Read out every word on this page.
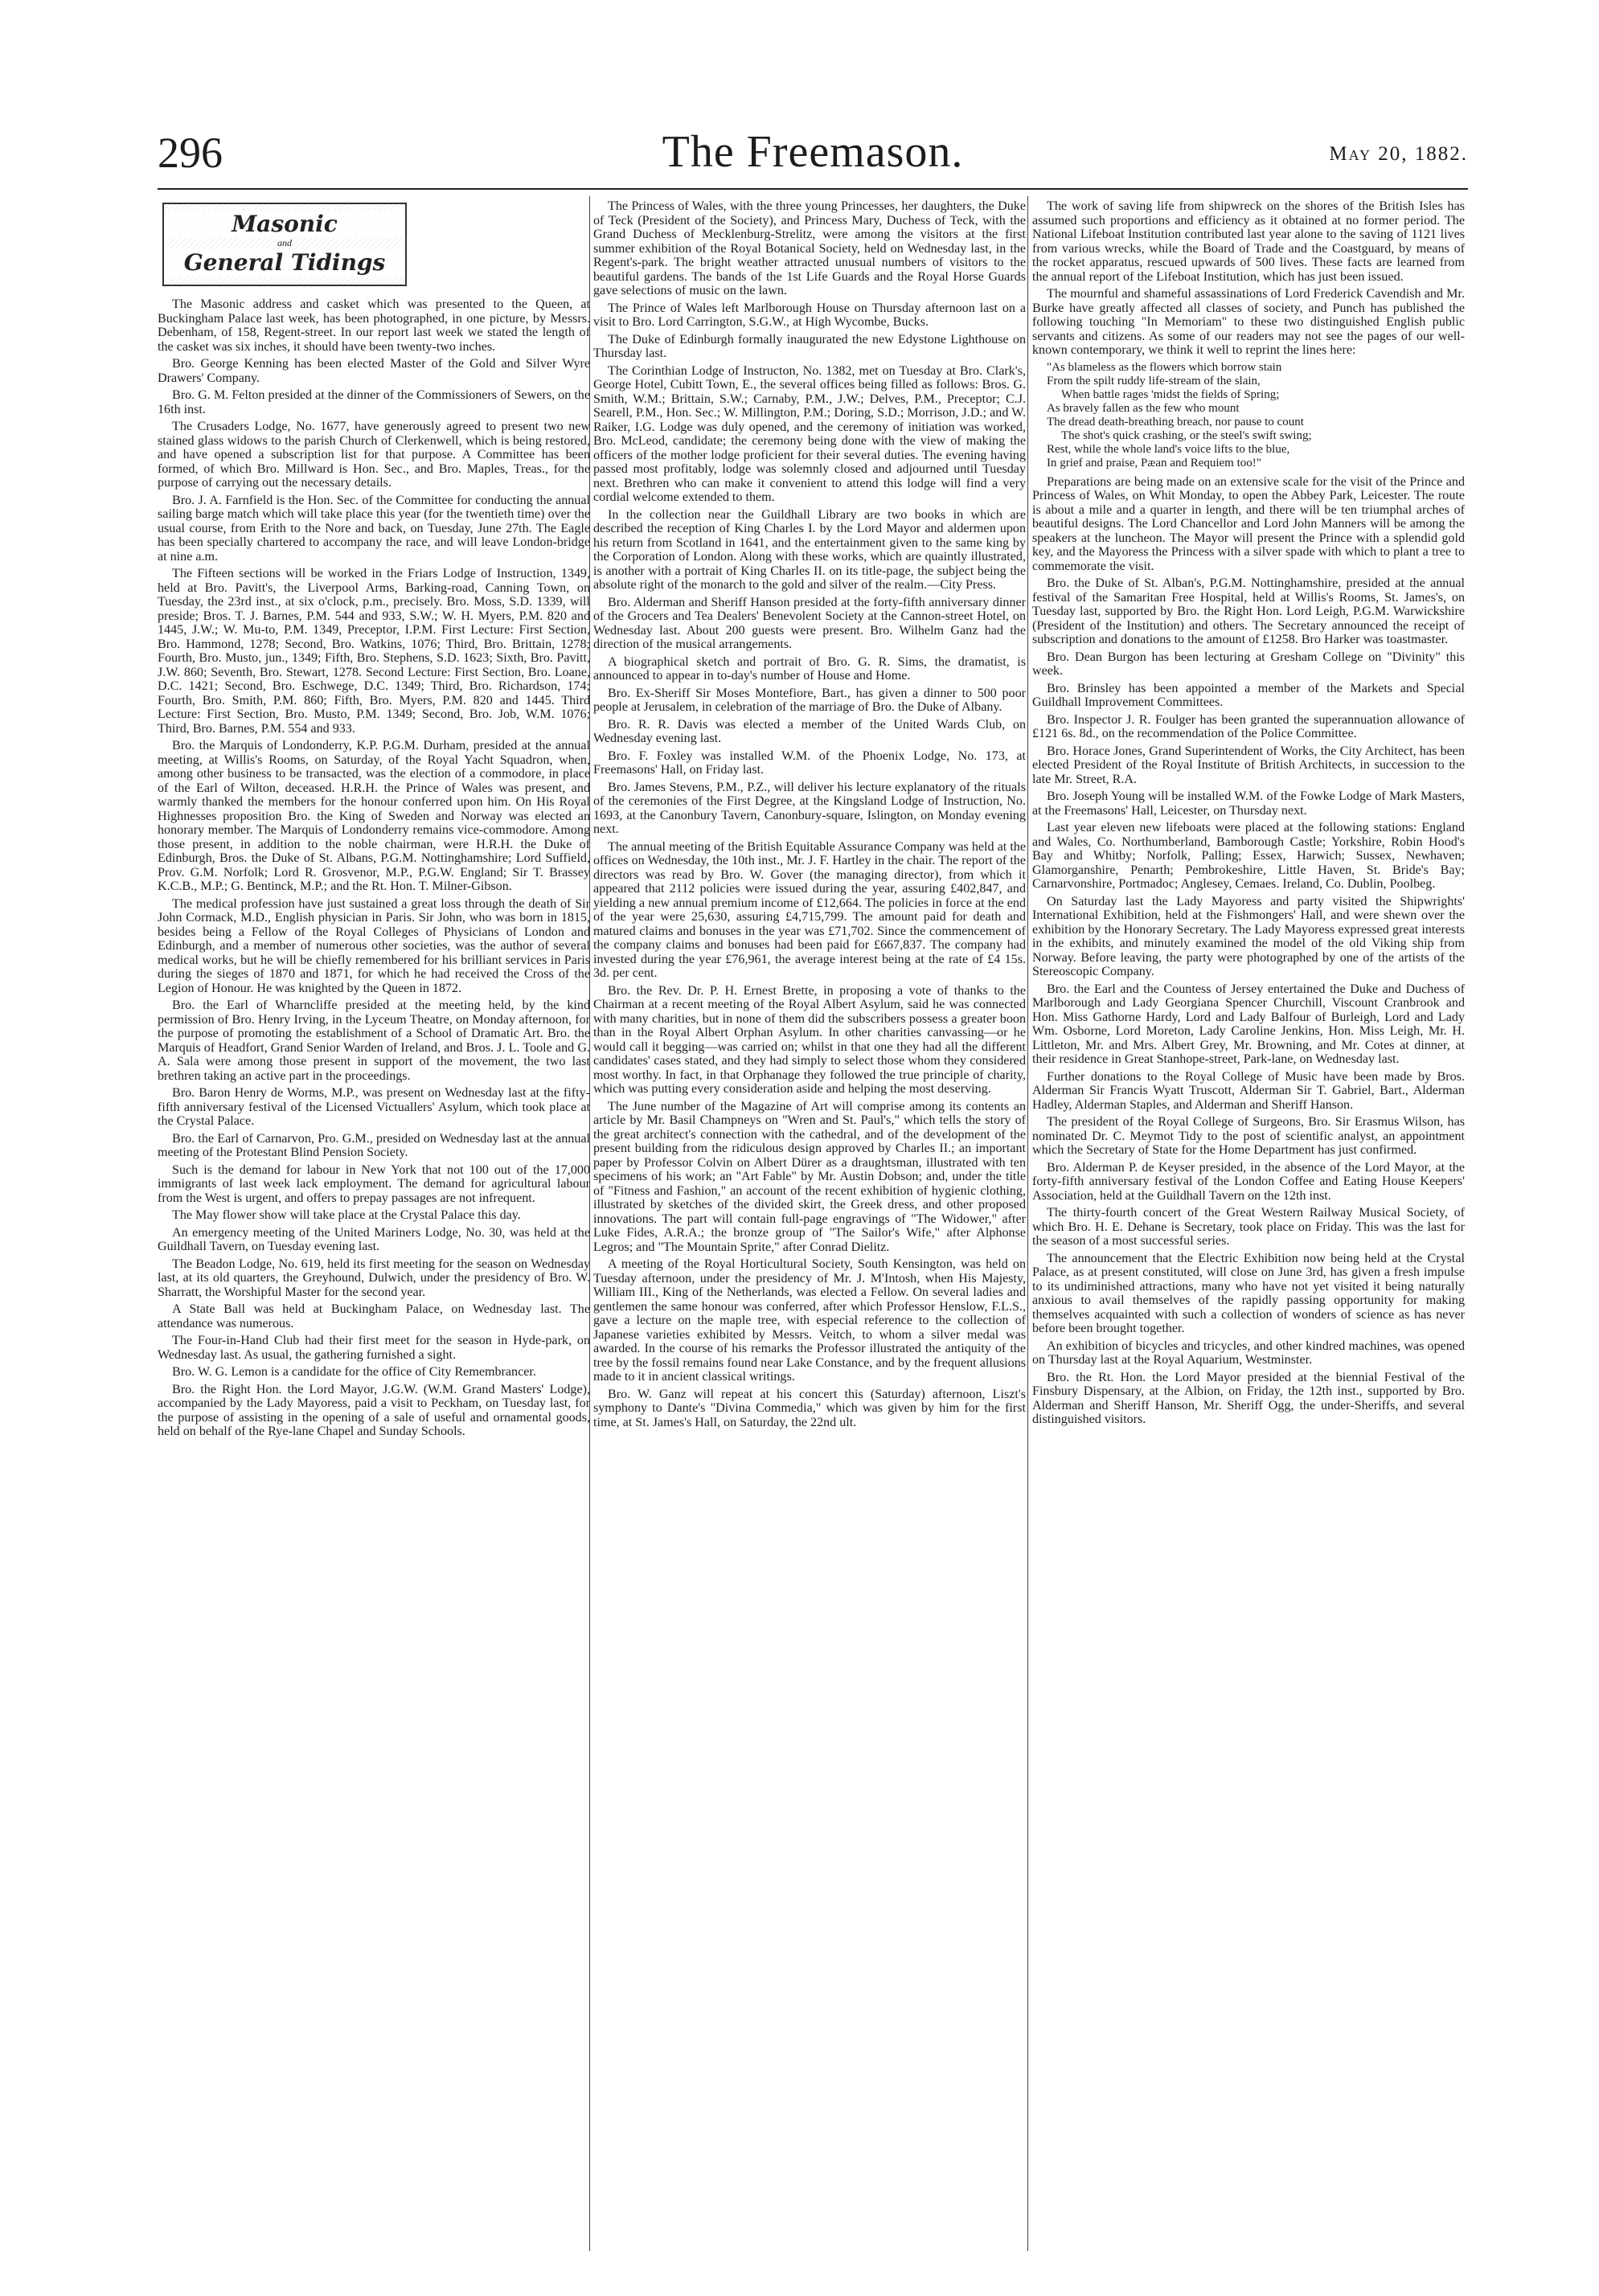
296	The Freemason.	May 20, 1882.
Masonic
and
General Tidings

The Masonic address and casket which was presented to the Queen, at Buckingham Palace last week, has been photographed, in one picture, by Messrs. Debenham, of 158, Regent-street. In our report last week we stated the length of the casket was six inches, it should have been twenty-two inches.

Bro. George Kenning has been elected Master of the Gold and Silver Wyre Drawers' Company.

Bro. G. M. Felton presided at the dinner of the Commissioners of Sewers, on the 16th inst.

The Crusaders Lodge, No. 1677, have generously agreed to present two new stained glass widows to the parish Church of Clerkenwell, which is being restored, and have opened a subscription list for that purpose. A Committee has been formed, of which Bro. Millward is Hon. Sec., and Bro. Maples, Treas., for the purpose of carrying out the necessary details.

Bro. J. A. Farnfield is the Hon. Sec. of the Committee for conducting the annual sailing barge match which will take place this year (for the twentieth time) over the usual course, from Erith to the Nore and back, on Tuesday, June 27th. The Eagle has been specially chartered to accompany the race, and will leave London-bridge at nine a.m.

The Fifteen sections will be worked in the Friars Lodge of Instruction, 1349, held at Bro. Pavitt's, the Liverpool Arms, Barking-road, Canning Town, on Tuesday, the 23rd inst., at six o'clock, p.m., precisely. Bro. Moss, S.D. 1339, will preside; Bros. T. J. Barnes, P.M. 544 and 933, S.W.; W. H. Myers, P.M. 820 and 1445, J.W.; W. Mu-to, P.M. 1349, Preceptor, I.P.M. First Lecture: First Section, Bro. Hammond, 1278; Second, Bro. Watkins, 1076; Third, Bro. Brittain, 1278; Fourth, Bro. Musto, jun., 1349; Fifth, Bro. Stephens, S.D. 1623; Sixth, Bro. Pavitt, J.W. 860; Seventh, Bro. Stewart, 1278. Second Lecture: First Section, Bro. Loane, D.C. 1421; Second, Bro. Eschwege, D.C. 1349; Third, Bro. Richardson, 174; Fourth, Bro. Smith, P.M. 860; Fifth, Bro. Myers, P.M. 820 and 1445. Third Lecture: First Section, Bro. Musto, P.M. 1349; Second, Bro. Job, W.M. 1076; Third, Bro. Barnes, P.M. 554 and 933.

Bro. the Marquis of Londonderry, K.P. P.G.M. Durham, presided at the annual meeting, at Willis's Rooms, on Saturday, of the Royal Yacht Squadron, when, among other business to be transacted, was the election of a commodore, in place of the Earl of Wilton, deceased. H.R.H. the Prince of Wales was present, and warmly thanked the members for the honour conferred upon him. On His Royal Highnesses proposition Bro. the King of Sweden and Norway was elected an honorary member. The Marquis of Londonderry remains vice-commodore. Among those present, in addition to the noble chairman, were H.R.H. the Duke of Edinburgh, Bros. the Duke of St. Albans, P.G.M. Nottinghamshire; Lord Suffield, Prov. G.M. Norfolk; Lord R. Grosvenor, M.P., P.G.W. England; Sir T. Brassey K.C.B., M.P.; G. Bentinck, M.P.; and the Rt. Hon. T. Milner-Gibson.

The medical profession have just sustained a great loss through the death of Sir John Cormack, M.D., English physician in Paris. Sir John, who was born in 1815, besides being a Fellow of the Royal Colleges of Physicians of London and Edinburgh, and a member of numerous other societies, was the author of several medical works, but he will be chiefly remembered for his brilliant services in Paris during the sieges of 1870 and 1871, for which he had received the Cross of the Legion of Honour. He was knighted by the Queen in 1872.

Bro. the Earl of Wharncliffe presided at the meeting held, by the kind permission of Bro. Henry Irving, in the Lyceum Theatre, on Monday afternoon, for the purpose of promoting the establishment of a School of Dramatic Art. Bro. the Marquis of Headfort, Grand Senior Warden of Ireland, and Bros. J. L. Toole and G. A. Sala were among those present in support of the movement, the two last brethren taking an active part in the proceedings.

Bro. Baron Henry de Worms, M.P., was present on Wednesday last at the fifty-fifth anniversary festival of the Licensed Victuallers' Asylum, which took place at the Crystal Palace.

Bro. the Earl of Carnarvon, Pro. G.M., presided on Wednesday last at the annual meeting of the Protestant Blind Pension Society.

Such is the demand for labour in New York that not 100 out of the 17,000 immigrants of last week lack employment. The demand for agricultural labour from the West is urgent, and offers to prepay passages are not infrequent.

The May flower show will take place at the Crystal Palace this day.

An emergency meeting of the United Mariners Lodge, No. 30, was held at the Guildhall Tavern, on Tuesday evening last.

The Beadon Lodge, No. 619, held its first meeting for the season on Wednesday last, at its old quarters, the Greyhound, Dulwich, under the presidency of Bro. W. Sharratt, the Worshipful Master for the second year.

A State Ball was held at Buckingham Palace, on Wednesday last. The attendance was numerous.

The Four-in-Hand Club had their first meet for the season in Hyde-park, on Wednesday last. As usual, the gathering furnished a sight.

Bro. W. G. Lemon is a candidate for the office of City Remembrancer.

Bro. the Right Hon. the Lord Mayor, J.G.W. (W.M. Grand Masters' Lodge), accompanied by the Lady Mayoress, paid a visit to Peckham, on Tuesday last, for the purpose of assisting in the opening of a sale of useful and ornamental goods, held on behalf of the Rye-lane Chapel and Sunday Schools.

The Princess of Wales, with the three young Princesses, her daughters, the Duke of Teck (President of the Society), and Princess Mary, Duchess of Teck, with the Grand Duchess of Mecklenburg-Strelitz, were among the visitors at the first summer exhibition of the Royal Botanical Society, held on Wednesday last, in the Regent's-park. The bright weather attracted unusual numbers of visitors to the beautiful gardens. The bands of the 1st Life Guards and the Royal Horse Guards gave selections of music on the lawn.

The Prince of Wales left Marlborough House on Thursday afternoon last on a visit to Bro. Lord Carrington, S.G.W., at High Wycombe, Bucks.

The Duke of Edinburgh formally inaugurated the new Edystone Lighthouse on Thursday last.

The Corinthian Lodge of Instructon, No. 1382, met on Tuesday at Bro. Clark's, George Hotel, Cubitt Town, E., the several offices being filled as follows: Bros. G. Smith, W.M.; Brittain, S.W.; Carnaby, P.M., J.W.; Delves, P.M., Preceptor; C.J. Searell, P.M., Hon. Sec.; W. Millington, P.M.; Doring, S.D.; Morrison, J.D.; and W. Raiker, I.G. Lodge was duly opened, and the ceremony of initiation was worked, Bro. McLeod, candidate; the ceremony being done with the view of making the officers of the mother lodge proficient for their several duties. The evening having passed most profitably, lodge was solemnly closed and adjourned until Tuesday next. Brethren who can make it convenient to attend this lodge will find a very cordial welcome extended to them.

In the collection near the Guildhall Library are two books in which are described the reception of King Charles I. by the Lord Mayor and aldermen upon his return from Scotland in 1641, and the entertainment given to the same king by the Corporation of London. Along with these works, which are quaintly illustrated, is another with a portrait of King Charles II. on its title-page, the subject being the absolute right of the monarch to the gold and silver of the realm.—City Press.

Bro. Alderman and Sheriff Hanson presided at the forty-fifth anniversary dinner of the Grocers and Tea Dealers' Benevolent Society at the Cannon-street Hotel, on Wednesday last. About 200 guests were present. Bro. Wilhelm Ganz had the direction of the musical arrangements.

A biographical sketch and portrait of Bro. G. R. Sims, the dramatist, is announced to appear in to-day's number of House and Home.

Bro. Ex-Sheriff Sir Moses Montefiore, Bart., has given a dinner to 500 poor people at Jerusalem, in celebration of the marriage of Bro. the Duke of Albany.

Bro. R. R. Davis was elected a member of the United Wards Club, on Wednesday evening last.

Bro. F. Foxley was installed W.M. of the Phoenix Lodge, No. 173, at Freemasons' Hall, on Friday last.

Bro. James Stevens, P.M., P.Z., will deliver his lecture explanatory of the rituals of the ceremonies of the First Degree, at the Kingsland Lodge of Instruction, No. 1693, at the Canonbury Tavern, Canonbury-square, Islington, on Monday evening next.

The annual meeting of the British Equitable Assurance Company was held at the offices on Wednesday, the 10th inst., Mr. J. F. Hartley in the chair. The report of the directors was read by Bro. W. Gover (the managing director), from which it appeared that 2112 policies were issued during the year, assuring £402,847, and yielding a new annual premium income of £12,664. The policies in force at the end of the year were 25,630, assuring £4,715,799. The amount paid for death and matured claims and bonuses in the year was £71,702. Since the commencement of the company claims and bonuses had been paid for £667,837. The company had invested during the year £76,961, the average interest being at the rate of £4 15s. 3d. per cent.

Bro. the Rev. Dr. P. H. Ernest Brette, in proposing a vote of thanks to the Chairman at a recent meeting of the Royal Albert Asylum, said he was connected with many charities, but in none of them did the subscribers possess a greater boon than in the Royal Albert Orphan Asylum. In other charities canvassing—or he would call it begging—was carried on; whilst in that one they had all the different candidates' cases stated, and they had simply to select those whom they considered most worthy. In fact, in that Orphanage they followed the true principle of charity, which was putting every consideration aside and helping the most deserving.

The June number of the Magazine of Art will comprise among its contents an article by Mr. Basil Champneys on "Wren and St. Paul's," which tells the story of the great architect's connection with the cathedral, and of the development of the present building from the ridiculous design approved by Charles II.; an important paper by Professor Colvin on Albert Dürer as a draughtsman, illustrated with ten specimens of his work; an "Art Fable" by Mr. Austin Dobson; and, under the title of "Fitness and Fashion," an account of the recent exhibition of hygienic clothing, illustrated by sketches of the divided skirt, the Greek dress, and other proposed innovations. The part will contain full-page engravings of "The Widower," after Luke Fides, A.R.A.; the bronze group of "The Sailor's Wife," after Alphonse Legros; and "The Mountain Sprite," after Conrad Dielitz.

A meeting of the Royal Horticultural Society, South Kensington, was held on Tuesday afternoon, under the presidency of Mr. J. M'Intosh, when His Majesty, William III., King of the Netherlands, was elected a Fellow. On several ladies and gentlemen the same honour was conferred, after which Professor Henslow, F.L.S., gave a lecture on the maple tree, with especial reference to the collection of Japanese varieties exhibited by Messrs. Veitch, to whom a silver medal was awarded. In the course of his remarks the Professor illustrated the antiquity of the tree by the fossil remains found near Lake Constance, and by the frequent allusions made to it in ancient classical writings.

Bro. W. Ganz will repeat at his concert this (Saturday) afternoon, Liszt's symphony to Dante's "Divina Commedia," which was given by him for the first time, at St. James's Hall, on Saturday, the 22nd ult.

The work of saving life from shipwreck on the shores of the British Isles has assumed such proportions and efficiency as it obtained at no former period. The National Lifeboat Institution contributed last year alone to the saving of 1121 lives from various wrecks, while the Board of Trade and the Coastguard, by means of the rocket apparatus, rescued upwards of 500 lives. These facts are learned from the annual report of the Lifeboat Institution, which has just been issued.

The mournful and shameful assassinations of Lord Frederick Cavendish and Mr. Burke have greatly affected all classes of society, and Punch has published the following touching "In Memoriam" to these two distinguished English public servants and citizens. As some of our readers may not see the pages of our well-known contemporary, we think it well to reprint the lines here:

"As blameless as the flowers which borrow stain
From the spilt ruddy life-stream of the slain,
When battle rages 'midst the fields of Spring;
As bravely fallen as the few who mount
The dread death-breathing breach, nor pause to count
The shot's quick crashing, or the steel's swift swing;
Rest, while the whole land's voice lifts to the blue,
In grief and praise, Pæan and Requiem too!"

Preparations are being made on an extensive scale for the visit of the Prince and Princess of Wales, on Whit Monday, to open the Abbey Park, Leicester. The route is about a mile and a quarter in length, and there will be ten triumphal arches of beautiful designs. The Lord Chancellor and Lord John Manners will be among the speakers at the luncheon. The Mayor will present the Prince with a splendid gold key, and the Mayoress the Princess with a silver spade with which to plant a tree to commemorate the visit.

Bro. the Duke of St. Alban's, P.G.M. Nottinghamshire, presided at the annual festival of the Samaritan Free Hospital, held at Willis's Rooms, St. James's, on Tuesday last, supported by Bro. the Right Hon. Lord Leigh, P.G.M. Warwickshire (President of the Institution) and others. The Secretary announced the receipt of subscription and donations to the amount of £1258. Bro Harker was toastmaster.

Bro. Dean Burgon has been lecturing at Gresham College on "Divinity" this week.

Bro. Brinsley has been appointed a member of the Markets and Special Guildhall Improvement Committees.

Bro. Inspector J. R. Foulger has been granted the superannuation allowance of £121 6s. 8d., on the recommendation of the Police Committee.

Bro. Horace Jones, Grand Superintendent of Works, the City Architect, has been elected President of the Royal Institute of British Architects, in succession to the late Mr. Street, R.A.

Bro. Joseph Young will be installed W.M. of the Fowke Lodge of Mark Masters, at the Freemasons' Hall, Leicester, on Thursday next.

Last year eleven new lifeboats were placed at the following stations: England and Wales, Co. Northumberland, Bamborough Castle; Yorkshire, Robin Hood's Bay and Whitby; Norfolk, Palling; Essex, Harwich; Sussex, Newhaven; Glamorganshire, Penarth; Pembrokeshire, Little Haven, St. Bride's Bay; Carnarvonshire, Portmadoc; Anglesey, Cemaes. Ireland, Co. Dublin, Poolbeg.

On Saturday last the Lady Mayoress and party visited the Shipwrights' International Exhibition, held at the Fishmongers' Hall, and were shewn over the exhibition by the Honorary Secretary. The Lady Mayoress expressed great interests in the exhibits, and minutely examined the model of the old Viking ship from Norway. Before leaving, the party were photographed by one of the artists of the Stereoscopic Company.

Bro. the Earl and the Countess of Jersey entertained the Duke and Duchess of Marlborough and Lady Georgiana Spencer Churchill, Viscount Cranbrook and Hon. Miss Gathorne Hardy, Lord and Lady Balfour of Burleigh, Lord and Lady Wm. Osborne, Lord Moreton, Lady Caroline Jenkins, Hon. Miss Leigh, Mr. H. Littleton, Mr. and Mrs. Albert Grey, Mr. Browning, and Mr. Cotes at dinner, at their residence in Great Stanhope-street, Park-lane, on Wednesday last.

Further donations to the Royal College of Music have been made by Bros. Alderman Sir Francis Wyatt Truscott, Alderman Sir T. Gabriel, Bart., Alderman Hadley, Alderman Staples, and Alderman and Sheriff Hanson.

The president of the Royal College of Surgeons, Bro. Sir Erasmus Wilson, has nominated Dr. C. Meymot Tidy to the post of scientific analyst, an appointment which the Secretary of State for the Home Department has just confirmed.

Bro. Alderman P. de Keyser presided, in the absence of the Lord Mayor, at the forty-fifth anniversary festival of the London Coffee and Eating House Keepers' Association, held at the Guildhall Tavern on the 12th inst.

The thirty-fourth concert of the Great Western Railway Musical Society, of which Bro. H. E. Dehane is Secretary, took place on Friday. This was the last for the season of a most successful series.

The announcement that the Electric Exhibition now being held at the Crystal Palace, as at present constituted, will close on June 3rd, has given a fresh impulse to its undiminished attractions, many who have not yet visited it being naturally anxious to avail themselves of the rapidly passing opportunity for making themselves acquainted with such a collection of wonders of science as has never before been brought together.

An exhibition of bicycles and tricycles, and other kindred machines, was opened on Thursday last at the Royal Aquarium, Westminster.

Bro. the Rt. Hon. the Lord Mayor presided at the biennial Festival of the Finsbury Dispensary, at the Albion, on Friday, the 12th inst., supported by Bro. Alderman and Sheriff Hanson, Mr. Sheriff Ogg, the under-Sheriffs, and several distinguished visitors.
